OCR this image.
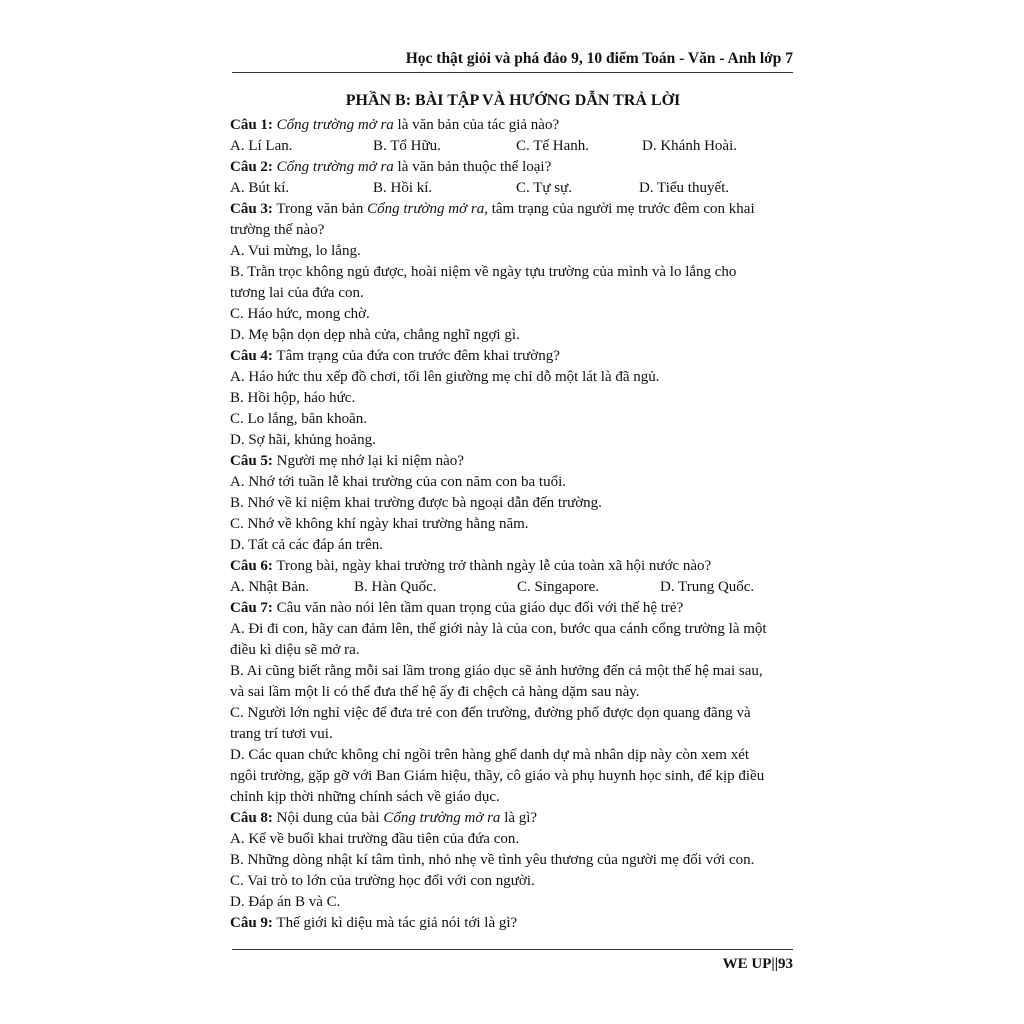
Học thật giỏi và phá đảo 9, 10 điểm Toán - Văn - Anh lớp 7
PHẦN B: BÀI TẬP VÀ HƯỚNG DẪN TRẢ LỜI
Câu 1: Cổng trường mở ra là văn bản của tác giả nào?
A. Lí Lan.	B. Tố Hữu.	C. Tế Hanh.	D. Khánh Hoài.
Câu 2: Cổng trường mở ra là văn bản thuộc thể loại?
A. Bút kí.	B. Hồi kí.	C. Tự sự.	D. Tiểu thuyết.
Câu 3: Trong văn bản Cổng trường mở ra, tâm trạng của người mẹ trước đêm con khai
trường thế nào?
A. Vui mừng, lo lắng.
B. Trằn trọc không ngủ được, hoài niệm về ngày tựu trường của mình và lo lắng cho
tương lai của đứa con.
C. Háo hức, mong chờ.
D. Mẹ bận dọn dẹp nhà cửa, chẳng nghĩ ngợi gì.
Câu 4: Tâm trạng của đứa con trước đêm khai trường?
A. Háo hức thu xếp đồ chơi, tối lên giường mẹ chỉ dỗ một lát là đã ngủ.
B. Hồi hộp, háo hức.
C. Lo lắng, băn khoăn.
D. Sợ hãi, khủng hoảng.
Câu 5: Người mẹ nhớ lại kỉ niệm nào?
A. Nhớ tới tuần lễ khai trường của con năm con ba tuổi.
B. Nhớ về kỉ niệm khai trường được bà ngoại dẫn đến trường.
C. Nhớ về không khí ngày khai trường hằng năm.
D. Tất cả các đáp án trên.
Câu 6: Trong bài, ngày khai trường trở thành ngày lễ của toàn xã hội nước nào?
A. Nhật Bản.	B. Hàn Quốc.	C. Singapore.	D. Trung Quốc.
Câu 7: Câu văn nào nói lên tầm quan trọng của giáo dục đối với thế hệ trẻ?
A. Đi đi con, hãy can đảm lên, thế giới này là của con, bước qua cánh cổng trường là một
điều kì diệu sẽ mở ra.
B. Ai cũng biết rằng mỗi sai lầm trong giáo dục sẽ ảnh hưởng đến cả một thế hệ mai sau,
và sai lầm một li có thể đưa thế hệ ấy đi chệch cả hàng dặm sau này.
C. Người lớn nghỉ việc để đưa trẻ con đến trường, đường phố được dọn quang đãng và
trang trí tươi vui.
D. Các quan chức không chỉ ngồi trên hàng ghế danh dự mà nhân dịp này còn xem xét
ngôi trường, gặp gỡ với Ban Giám hiệu, thầy, cô giáo và phụ huynh học sinh, để kịp điều
chỉnh kịp thời những chính sách về giáo dục.
Câu 8: Nội dung của bài Cổng trường mở ra là gì?
A. Kể về buổi khai trường đầu tiên của đứa con.
B. Những dòng nhật kí tâm tình, nhỏ nhẹ về tình yêu thương của người mẹ đối với con.
C. Vai trò to lớn của trường học đối với con người.
D. Đáp án B và C.
Câu 9: Thế giới kì diệu mà tác giả nói tới là gì?
WE UP||93
